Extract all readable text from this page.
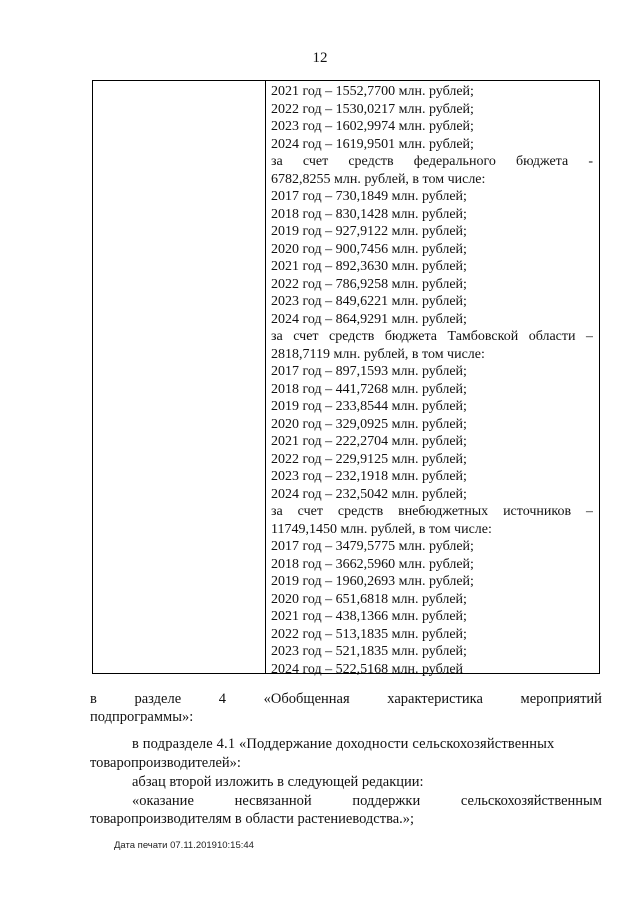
12
2021 год – 1552,7700 млн. рублей;
2022 год – 1530,0217 млн. рублей;
2023 год – 1602,9974 млн. рублей;
2024 год – 1619,9501 млн. рублей;
за счет средств федерального бюджета -
6782,8255 млн. рублей, в том числе:
2017 год – 730,1849 млн. рублей;
2018 год – 830,1428 млн. рублей;
2019 год – 927,9122 млн. рублей;
2020 год – 900,7456 млн. рублей;
2021 год – 892,3630 млн. рублей;
2022 год – 786,9258 млн. рублей;
2023 год – 849,6221 млн. рублей;
2024 год – 864,9291 млн. рублей;
за счет средств бюджета Тамбовской области –
2818,7119 млн. рублей, в том числе:
2017 год – 897,1593 млн. рублей;
2018 год – 441,7268 млн. рублей;
2019 год – 233,8544 млн. рублей;
2020 год – 329,0925 млн. рублей;
2021 год – 222,2704 млн. рублей;
2022 год – 229,9125 млн. рублей;
2023 год – 232,1918 млн. рублей;
2024 год – 232,5042 млн. рублей;
за счет средств внебюджетных источников –
11749,1450 млн. рублей, в том числе:
2017 год – 3479,5775 млн. рублей;
2018 год – 3662,5960 млн. рублей;
2019 год – 1960,2693 млн. рублей;
2020 год – 651,6818 млн. рублей;
2021 год – 438,1366 млн. рублей;
2022 год – 513,1835 млн. рублей;
2023 год – 521,1835 млн. рублей;
2024 год – 522,5168 млн. рублей
в	разделе	4	«Обобщенная	характеристика	мероприятий
подпрограммы»:
в подразделе 4.1 «Поддержание доходности сельскохозяйственных
товаропроизводителей»:
абзац второй изложить в следующей редакции:
«оказание	несвязанной	поддержки	сельскохозяйственным
товаропроизводителям в области растениеводства.»;
Дата печати 07.11.201910:15:44
